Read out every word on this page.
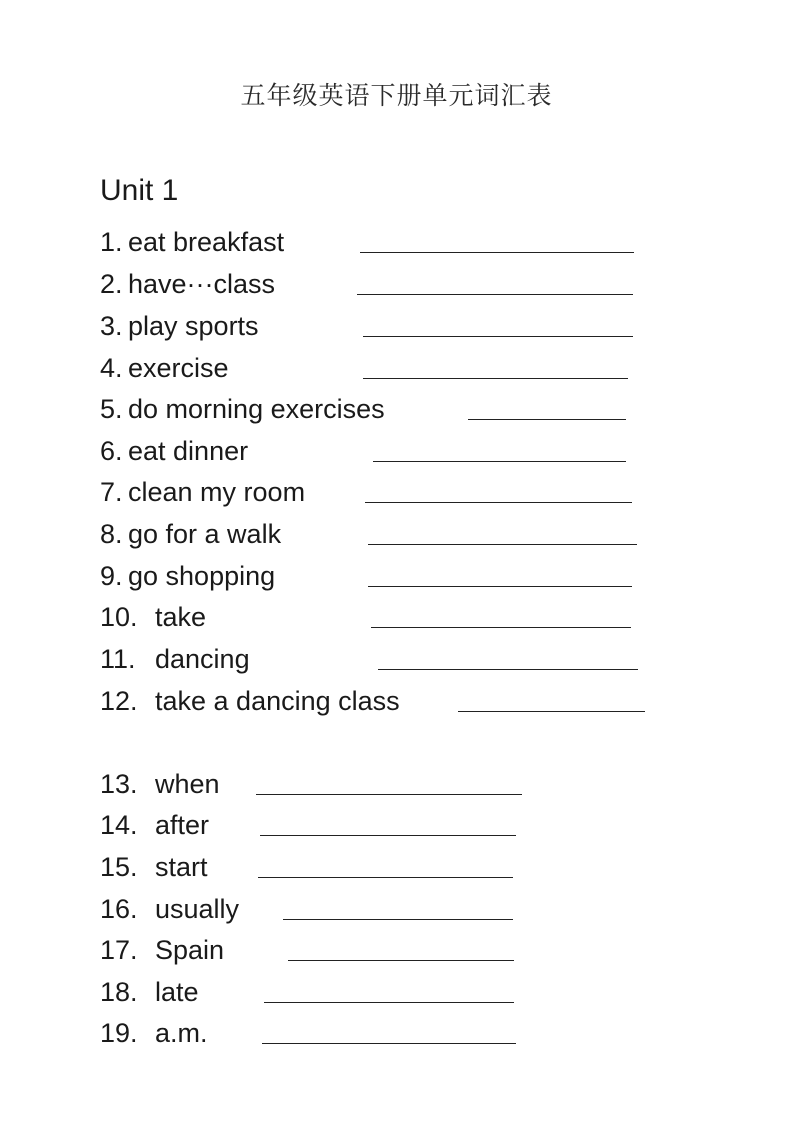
五年级英语下册单元词汇表
Unit 1
1. eat breakfast
2. have···class
3. play sports
4. exercise
5. do morning exercises
6. eat dinner
7. clean my room
8. go for a walk
9. go shopping
10. take
11. dancing
12. take a dancing class
13. when
14. after
15. start
16. usually
17. Spain
18. late
19. a.m.
